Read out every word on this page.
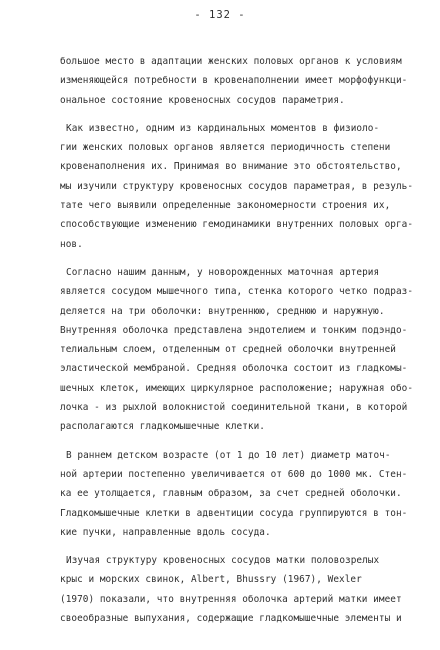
- 132 -
большое место в адаптации женских половых органов к условиям
изменяющейся потребности в кровенаполнении имеет морфофункци-
ональное состояние кровеносных сосудов параметрия.
Как известно, одним из кардинальных моментов в физиоло-
гии женских половых органов является периодичность степени
кровенаполнения их. Принимая во внимание это обстоятельство,
мы изучили структуру кровеносных сосудов параметрая, в резуль-
тате чего выявили определенные закономерности строения их,
способствующие изменению гемодинамики внутренних половых орга-
нов.
Согласно нашим данным, у новорожденных маточная артерия
является сосудом мышечного типа, стенка которого четко подраз-
деляется на три оболочки: внутреннюю, среднюю и наружную.
Внутренняя оболочка представлена эндотелием и тонким подэндо-
телиальным слоем, отделенным от средней оболочки внутренней
эластической мембраной. Средняя оболочка состоит из гладкомы-
шечных клеток, имеющих циркулярное расположение; наружная обо-
лочка - из рыхлой волокнистой соединительной ткани, в которой
располагаются гладкомышечные клетки.
В раннем детском возрасте (от 1 до 10 лет) диаметр маточ-
ной артерии постепенно увеличивается от 600 до 1000 мк. Стен-
ка ее утолщается, главным образом, за счет средней оболочки.
Гладкомышечные клетки в адвентиции сосуда группируются в тон-
кие пучки, направленные вдоль сосуда.
Изучая структуру кровеносных сосудов матки половозрелых
крыс и морских свинок, Albert, Bhussry (1967), Wexler
(1970) показали, что внутренняя оболочка артерий матки имеет
своеобразные выпухания, содержащие гладкомышечные элементы и
